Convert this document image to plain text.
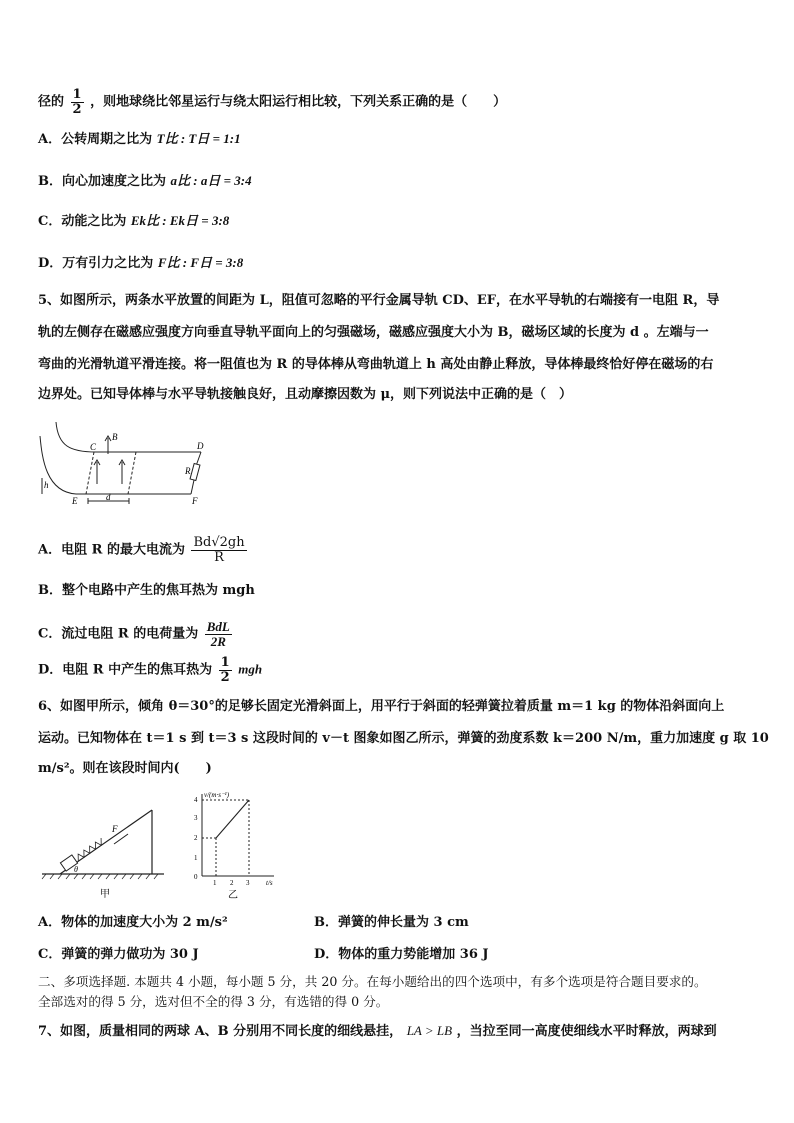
径的 $\frac{1}{2}$ ，则地球绕比邻星运行与绕太阳运行相比较，下列关系正确的是（　　）
A．公转周期之比为 T比 : T日 = 1:1
B．向心加速度之比为 a比 : a日 = 3:4
C．动能之比为 Ek比 : Ek日 = 3:8
D．万有引力之比为 F比 : F日 = 3:8
5、如图所示，两条水平放置的间距为 L，阻值可忽略的平行金属导轨 CD、EF，在水平导轨的右端接有一电阻 R，导
轨的左侧存在磁感应强度方向垂直导轨平面向上的匀强磁场，磁感应强度大小为 B，磁场区域的长度为 d 。左端与一
弯曲的光滑轨道平滑连接。将一阻值也为 R 的导体棒从弯曲轨道上 h 高处由静止释放，导体棒最终恰好停在磁场的右
边界处。已知导体棒与水平导轨接触良好，且动摩擦因数为 μ，则下列说法中正确的是（　）
C
B
D
R
h
E	F
d
A．电阻 R 的最大电流为 $\frac{Bd√2gh}{R}$
B．整个电路中产生的焦耳热为 mgh
C．流过电阻 R 的电荷量为 $\frac{\text{BdL}}{2R}$
D．电阻 R 中产生的焦耳热为 $\frac{1}{2}$ mgh
6、如图甲所示，倾角 θ＝30°的足够长固定光滑斜面上，用平行于斜面的轻弹簧拉着质量 m＝1 kg 的物体沿斜面向上
运动。已知物体在 t＝1 s 到 t＝3 s 这段时间的 v－t 图象如图乙所示，弹簧的劲度系数 k＝200 N/m，重力加速度 g 取 10
m/s²。则在该段时间内(　　)
F
θ
甲
v/(m·s⁻¹)
t/s
0
1
2
3
4
1 2 3
乙
A．物体的加速度大小为 2 m/s²	B．弹簧的伸长量为 3 cm
C．弹簧的弹力做功为 30 J	D．物体的重力势能增加 36 J
二、多项选择题. 本题共 4 小题，每小题 5 分，共 20 分。在每小题给出的四个选项中，有多个选项是符合题目要求的。
全部选对的得 5 分，选对但不全的得 3 分，有选错的得 0 分。
7、如图，质量相同的两球 A、B 分别用不同长度的细线悬挂， LA > LB ，当拉至同一高度使细线水平时释放，两球到
